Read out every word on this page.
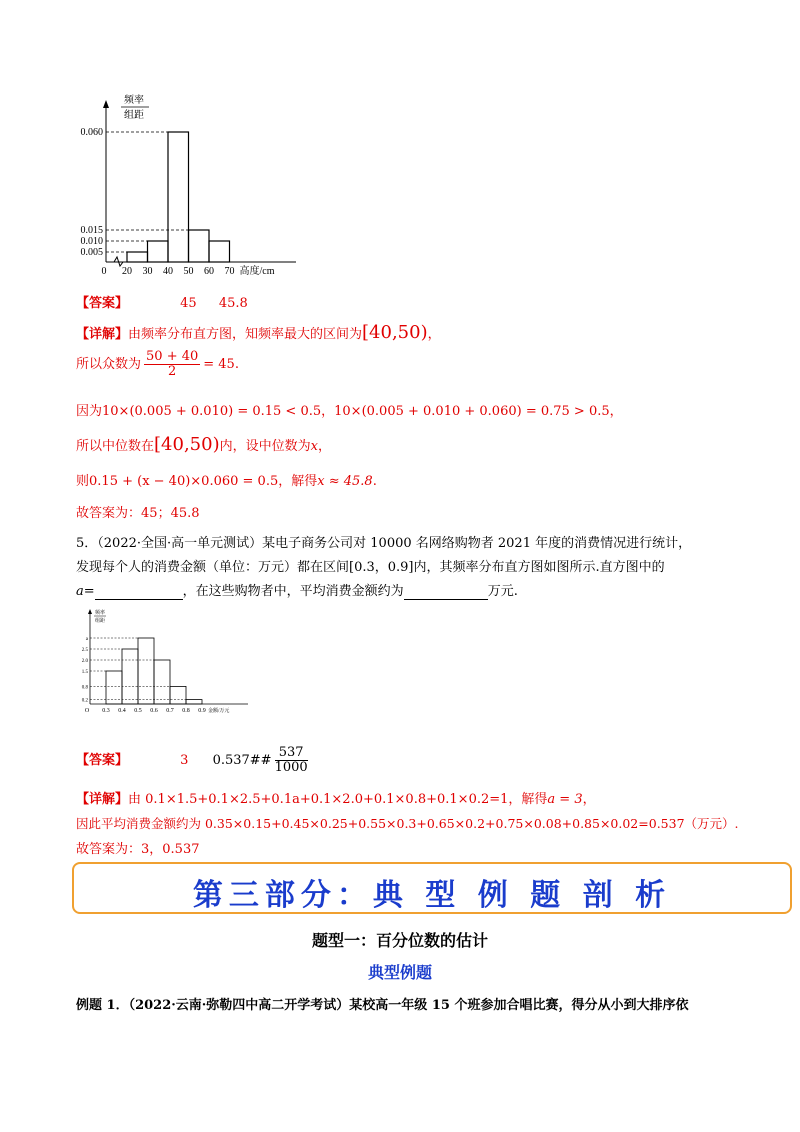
频率
组距
0.060
0.015
0.010
0.005
0 20 30 40 50 60 70 高度/cm
【答案】	45 45.8
【详解】由频率分布直方图，知频率最大的区间为[40,50)，
所以众数为 $\frac{50 + 40}{2} = 45$.
因为10×(0.005 + 0.010) = 0.15 < 0.5，10×(0.005 + 0.010 + 0.060) = 0.75 > 0.5，
所以中位数在[40,50)内，设中位数为x，
则0.15 + (x − 40)×0.060 = 0.5，解得x ≈ 45.8.
故答案为：45；45.8
5．（2022·全国·高一单元测试）某电子商务公司对 10000 名网络购物者 2021 年度的消费情况进行统计，
发现每个人的消费金额（单位：万元）都在区间[0.3，0.9]内，其频率分布直方图如图所示.直方图中的
a=	，在这些购物者中，平均消费金额约为	万元.
频率
组距
a
2.5
2.0
1.5
0.8
0.2
O 0.3 0.4 0.5 0.6 0.7 0.8 0.9 金额/万元
【答案】	3 0.537## $\frac{537}{1000}$
【详解】由 0.1×1.5+0.1×2.5+0.1a+0.1×2.0+0.1×0.8+0.1×0.2=1，解得a = 3，
因此平均消费金额约为 0.35×0.15+0.45×0.25+0.55×0.3+0.65×0.2+0.75×0.08+0.85×0.02=0.537（万元）.
故答案为：3，0.537
第三部分：典 型 例 题 剖 析
题型一：百分位数的估计
典型例题
例题 1．（2022·云南·弥勒四中高二开学考试）某校高一年级 15 个班参加合唱比赛，得分从小到大排序依
